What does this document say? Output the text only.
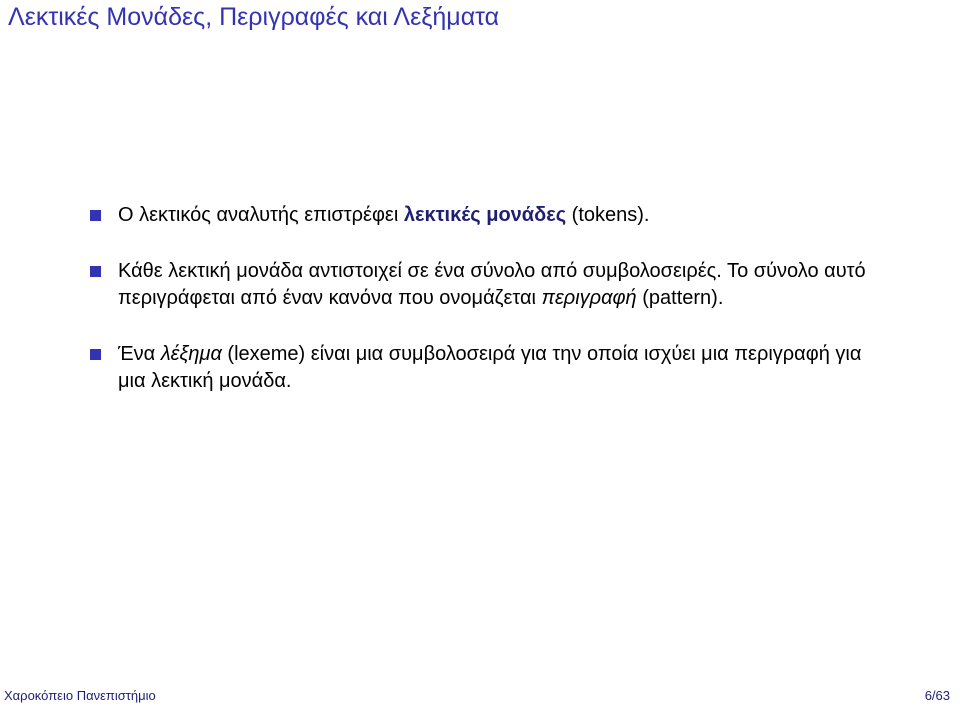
Λεκτικές Μονάδες, Περιγραφές και Λεξήματα
Ο λεκτικός αναλυτής επιστρέφει λεκτικές μονάδες (tokens).
Κάθε λεκτική μονάδα αντιστοιχεί σε ένα σύνολο από συμβολοσειρές. Το σύνολο αυτό περιγράφεται από έναν κανόνα που ονομάζεται περιγραφή (pattern).
Ένα λέξημα (lexeme) είναι μια συμβολοσειρά για την οποία ισχύει μια περιγραφή για μια λεκτική μονάδα.
Χαροκόπειο Πανεπιστήμιο	6/63
